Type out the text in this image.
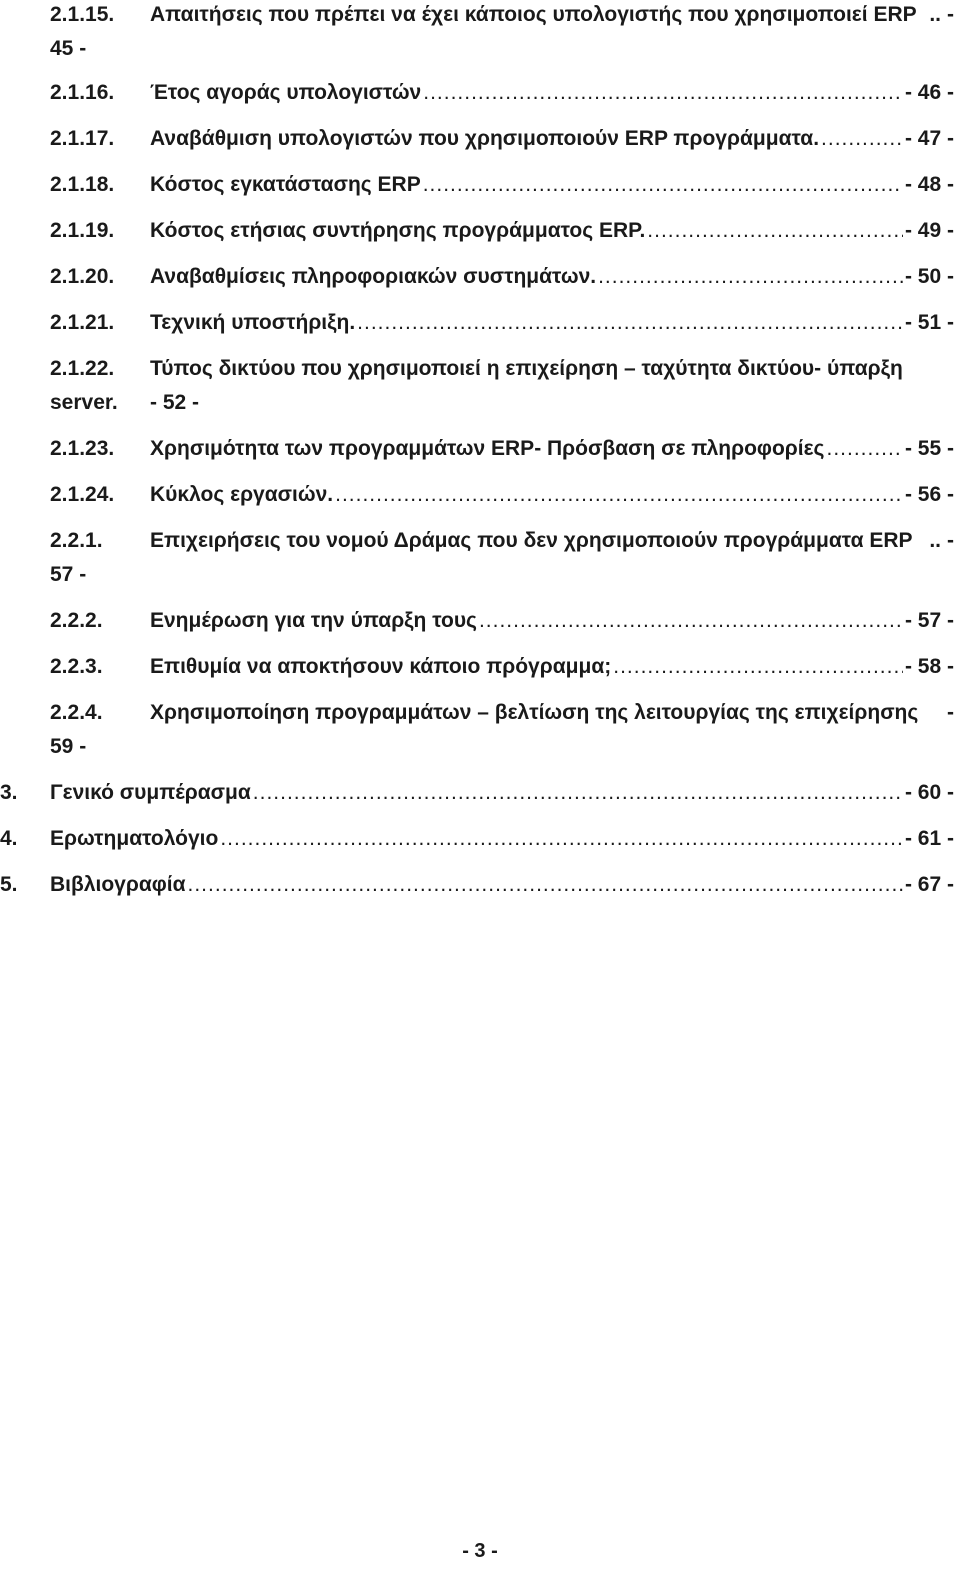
2.1.15.	Απαιτήσεις που πρέπει να έχει κάποιος υπολογιστής που χρησιμοποιεί ERP .. -
45 -
2.1.16.	Έτος αγοράς υπολογιστών .....	- 46 -
2.1.17.	Αναβάθμιση υπολογιστών που χρησιμοποιούν ERP προγράμματα. .....	- 47 -
2.1.18.	Κόστος εγκατάστασης ERP .....	- 48 -
2.1.19.	Κόστος ετήσιας συντήρησης προγράμματος ERP. .....	- 49 -
2.1.20.	Αναβαθμίσεις πληροφοριακών συστημάτων. .....	- 50 -
2.1.21.	Τεχνική υποστήριξη. .....	- 51 -
2.1.22.	Τύπος δικτύου που χρησιμοποιεί η επιχείρηση – ταχύτητα δικτύου- ύπαρξη
server.	- 52 -
2.1.23.	Χρησιμότητα των προγραμμάτων ERP- Πρόσβαση σε πληροφορίες .....	- 55 -
2.1.24.	Κύκλος εργασιών. .....	- 56 -
2.2.1.	Επιχειρήσεις του νομού Δράμας που δεν χρησιμοποιούν προγράμματα ERP .. -
57 -
2.2.2.	Ενημέρωση για την ύπαρξη τους .....	- 57 -
2.2.3.	Επιθυμία να αποκτήσουν κάποιο πρόγραμμα; .....	- 58 -
2.2.4.	Χρησιμοποίηση προγραμμάτων – βελτίωση της λειτουργίας της επιχείρησης	-
59 -
3.	Γενικό συμπέρασμα .....	- 60 -
4.	Ερωτηματολόγιο .....	- 61 -
5.	Βιβλιογραφία .....	- 67 -
- 3 -
